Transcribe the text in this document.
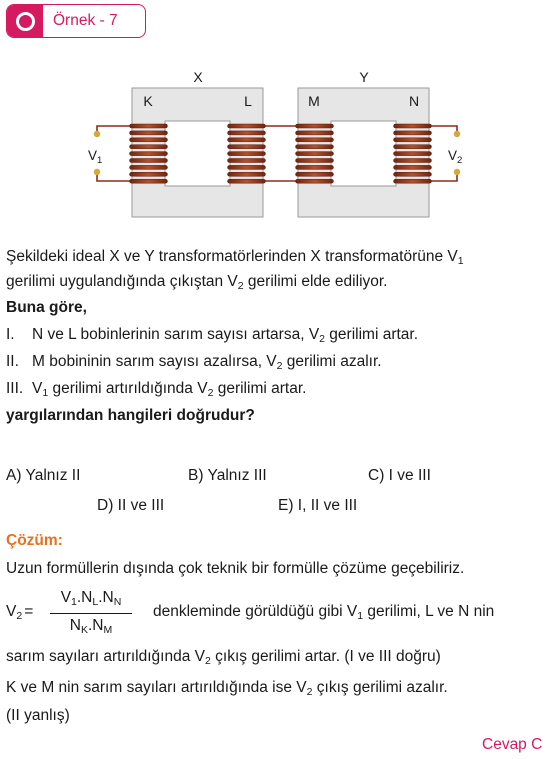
Örnek - 7
X	Y
K	L	M	N
$V_1$	$V_2$
Şekildeki ideal X ve Y transformatörlerinden X transformatörüne $V_1$
gerilimi uygulandığında çıkıştan $V_2$ gerilimi elde ediliyor.
Buna göre,
I. N ve L bobinlerinin sarım sayısı artarsa, $V_2$ gerilimi artar.
II. M bobininin sarım sayısı azalırsa, $V_2$ gerilimi azalır.
III. $V_1$ gerilimi artırıldığında $V_2$ gerilimi artar.
yargılarından hangileri doğrudur?
A) Yalnız II	B) Yalnız III	C) I ve III
D) II ve III	E) I, II ve III
Çözüm:
Uzun formüllerin dışında çok teknik bir formülle çözüme geçebiliriz.
$V_2$ =
$V_1.N_L.N_N$
$N_K.N_M$
denkleminde görüldüğü gibi $V_1$ gerilimi, L ve N nin
sarım sayıları artırıldığında $V_2$ çıkış gerilimi artar. (I ve III doğru)
K ve M nin sarım sayıları artırıldığında ise $V_2$ çıkış gerilimi azalır.
(II yanlış)
Cevap C
